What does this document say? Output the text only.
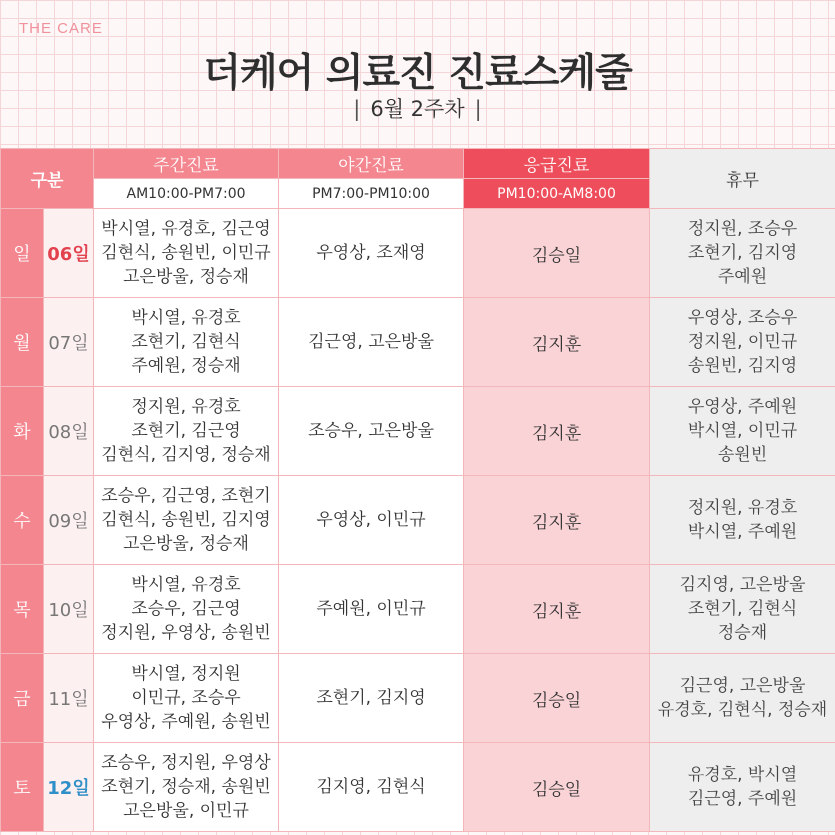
THE CARE
더케어 의료진 진료스케줄
| 6월 2주차 |
구분		주간진료	야간진료	응급진료	휴무
		AM10:00-PM7:00	PM7:00-PM10:00	PM10:00-AM8:00	
일	06일	박시열, 유경호, 김근영
김현식, 송원빈, 이민규
고은방울, 정승재	우영상, 조재영	김승일	정지원, 조승우
조현기, 김지영
주예원

월	07일	박시열, 유경호
조현기, 김현식
주예원, 정승재	김근영, 고은방울	김지훈	우영상, 조승우
정지원, 이민규
송원빈, 김지영

화	08일	정지원, 유경호
조현기, 김근영
김현식, 김지영, 정승재	조승우, 고은방울	김지훈	우영상, 주예원
박시열, 이민규
송원빈

수	09일	조승우, 김근영, 조현기
김현식, 송원빈, 김지영
고은방울, 정승재	우영상, 이민규	김지훈	정지원, 유경호
박시열, 주예원

목	10일	박시열, 유경호
조승우, 김근영
정지원, 우영상, 송원빈	주예원, 이민규	김지훈	김지영, 고은방울
조현기, 김현식
정승재

금	11일	박시열, 정지원
이민규, 조승우
우영상, 주예원, 송원빈	조현기, 김지영	김승일	김근영, 고은방울
유경호, 김현식, 정승재

토	12일	조승우, 정지원, 우영상
조현기, 정승재, 송원빈
고은방울, 이민규	김지영, 김현식	김승일	유경호, 박시열
김근영, 주예원
